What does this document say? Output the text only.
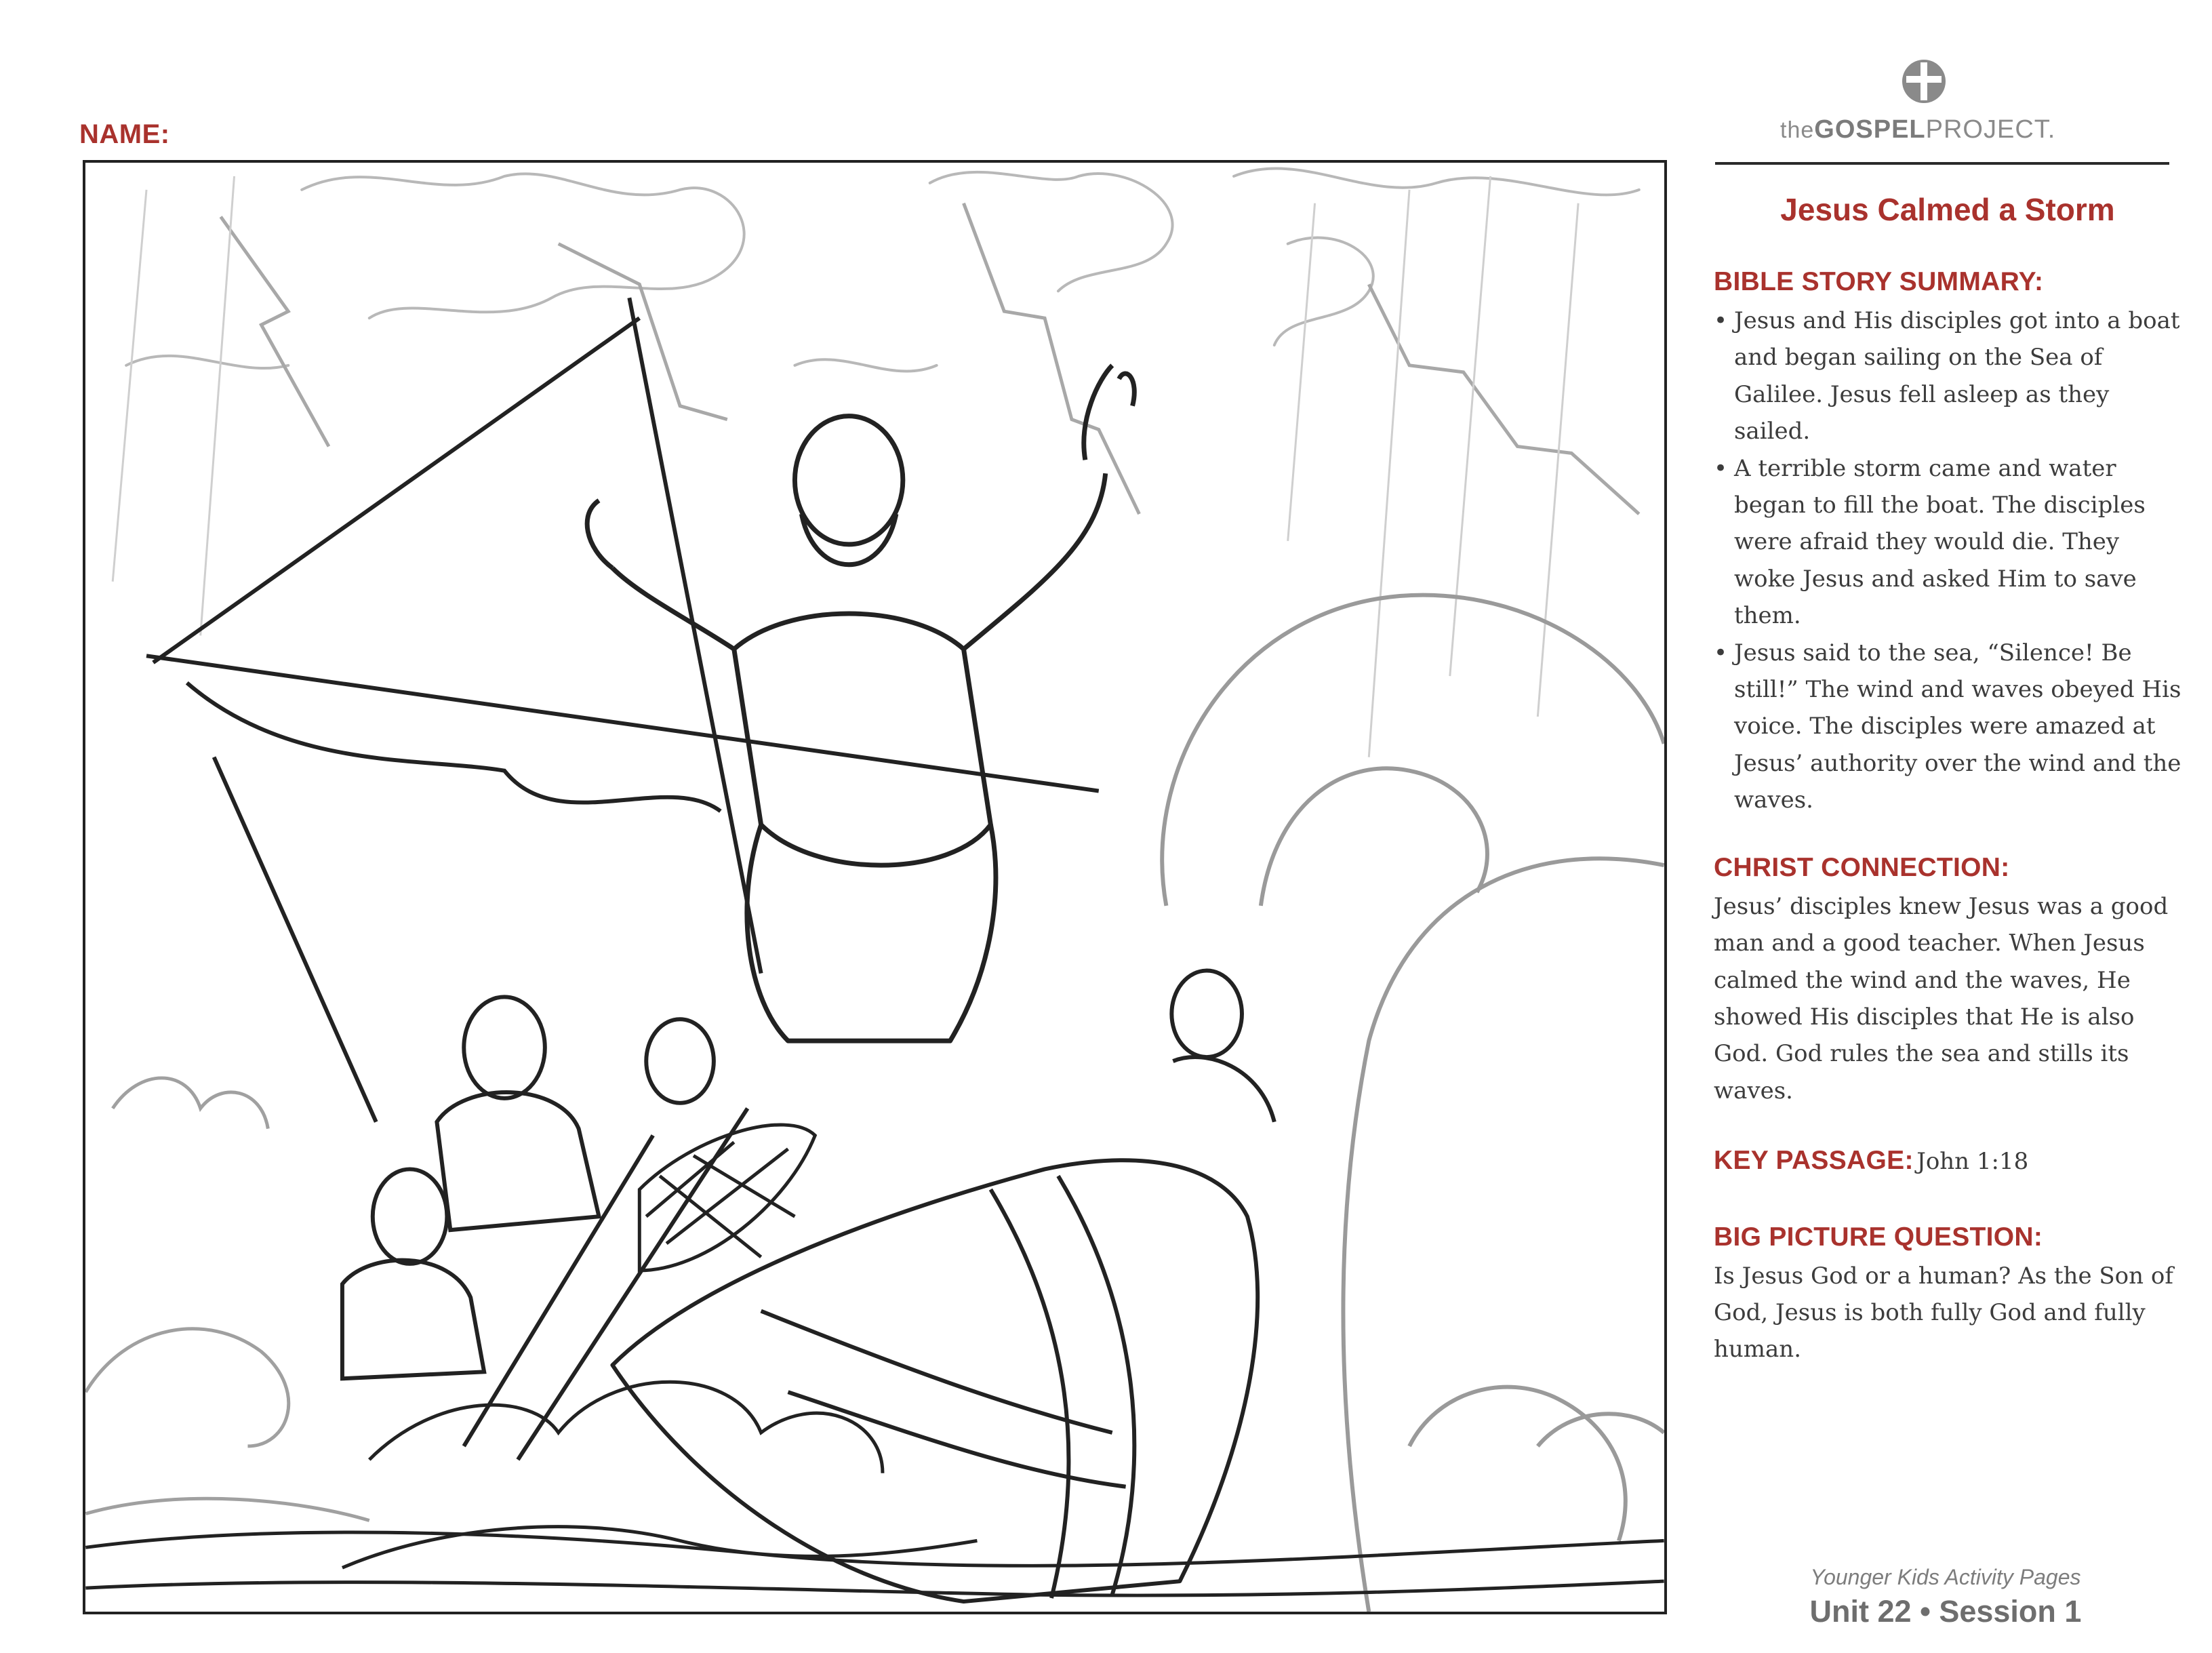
NAME:	theGOSPELPROJECT.
Jesus Calmed a Storm
BIBLE STORY SUMMARY:
• Jesus and His disciples got into a boat and began sailing on the Sea of Galilee. Jesus fell asleep as they sailed.
• A terrible storm came and water began to fill the boat. The disciples were afraid they would die. They woke Jesus and asked Him to save them.
• Jesus said to the sea, “Silence! Be still!” The wind and waves obeyed His voice. The disciples were amazed at Jesus’ authority over the wind and the waves.
CHRIST CONNECTION:
Jesus’ disciples knew Jesus was a good man and a good teacher. When Jesus calmed the wind and the waves, He showed His disciples that He is also God. God rules the sea and stills its waves.
KEY PASSAGE: John 1:18
BIG PICTURE QUESTION:
Is Jesus God or a human? As the Son of God, Jesus is both fully God and fully human.
Younger Kids Activity Pages
Unit 22 • Session 1
